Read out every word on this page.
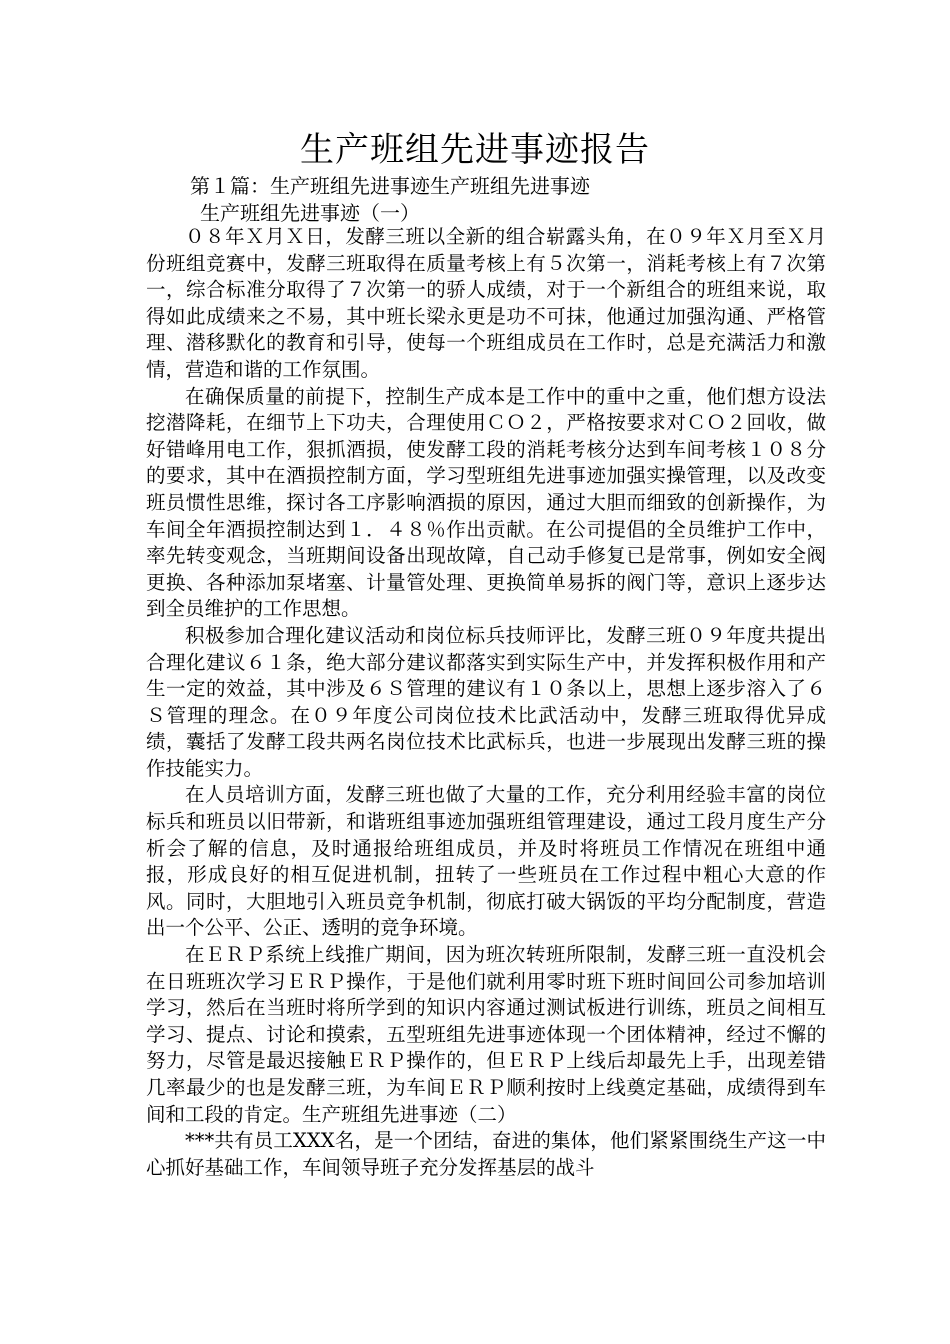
生产班组先进事迹报告
第１篇：生产班组先进事迹生产班组先进事迹
生产班组先进事迹（一）

０８年Ｘ月Ｘ日，发酵三班以全新的组合崭露头角，在０９年Ｘ月至Ｘ月份班组竞赛中，发酵三班取得在质量考核上有５次第一，消耗考核上有７次第一，综合标准分取得了７次第一的骄人成绩，对于一个新组合的班组来说，取得如此成绩来之不易，其中班长梁永更是功不可抹，他通过加强沟通、严格管理、潜移默化的教育和引导，使每一个班组成员在工作时，总是充满活力和激情，营造和谐的工作氛围。

在确保质量的前提下，控制生产成本是工作中的重中之重，他们想方设法挖潜降耗，在细节上下功夫，合理使用ＣＯ２，严格按要求对ＣＯ２回收，做好错峰用电工作，狠抓酒损，使发酵工段的消耗考核分达到车间考核１０８分的要求，其中在酒损控制方面，学习型班组先进事迹加强实操管理，以及改变班员惯性思维，探讨各工序影响酒损的原因，通过大胆而细致的创新操作，为车间全年酒损控制达到１．４８％作出贡献。在公司提倡的全员维护工作中，率先转变观念，当班期间设备出现故障，自己动手修复已是常事，例如安全阀更换、各种添加泵堵塞、计量管处理、更换简单易拆的阀门等，意识上逐步达到全员维护的工作思想。

积极参加合理化建议活动和岗位标兵技师评比，发酵三班０９年度共提出合理化建议６１条，绝大部分建议都落实到实际生产中，并发挥积极作用和产生一定的效益，其中涉及６Ｓ管理的建议有１０条以上，思想上逐步溶入了６Ｓ管理的理念。在０９年度公司岗位技术比武活动中，发酵三班取得优异成绩，囊括了发酵工段共两名岗位技术比武标兵，也进一步展现出发酵三班的操作技能实力。

在人员培训方面，发酵三班也做了大量的工作，充分利用经验丰富的岗位标兵和班员以旧带新，和谐班组事迹加强班组管理建设，通过工段月度生产分析会了解的信息，及时通报给班组成员，并及时将班员工作情况在班组中通报，形成良好的相互促进机制，扭转了一些班员在工作过程中粗心大意的作风。同时，大胆地引入班员竞争机制，彻底打破大锅饭的平均分配制度，营造出一个公平、公正、透明的竞争环境。

在ＥＲＰ系统上线推广期间，因为班次转班所限制，发酵三班一直没机会在日班班次学习ＥＲＰ操作，于是他们就利用零时班下班时间回公司参加培训学习，然后在当班时将所学到的知识内容通过测试板进行训练，班员之间相互学习、提点、讨论和摸索，五型班组先进事迹体现一个团体精神，经过不懈的努力，尽管是最迟接触ＥＲＰ操作的，但ＥＲＰ上线后却最先上手，出现差错几率最少的也是发酵三班，为车间ＥＲＰ顺利按时上线奠定基础，成绩得到车间和工段的肯定。生产班组先进事迹（二）

***共有员工XXX名，是一个团结，奋进的集体，他们紧紧围绕生产这一中心抓好基础工作，车间领导班子充分发挥基层的战斗
